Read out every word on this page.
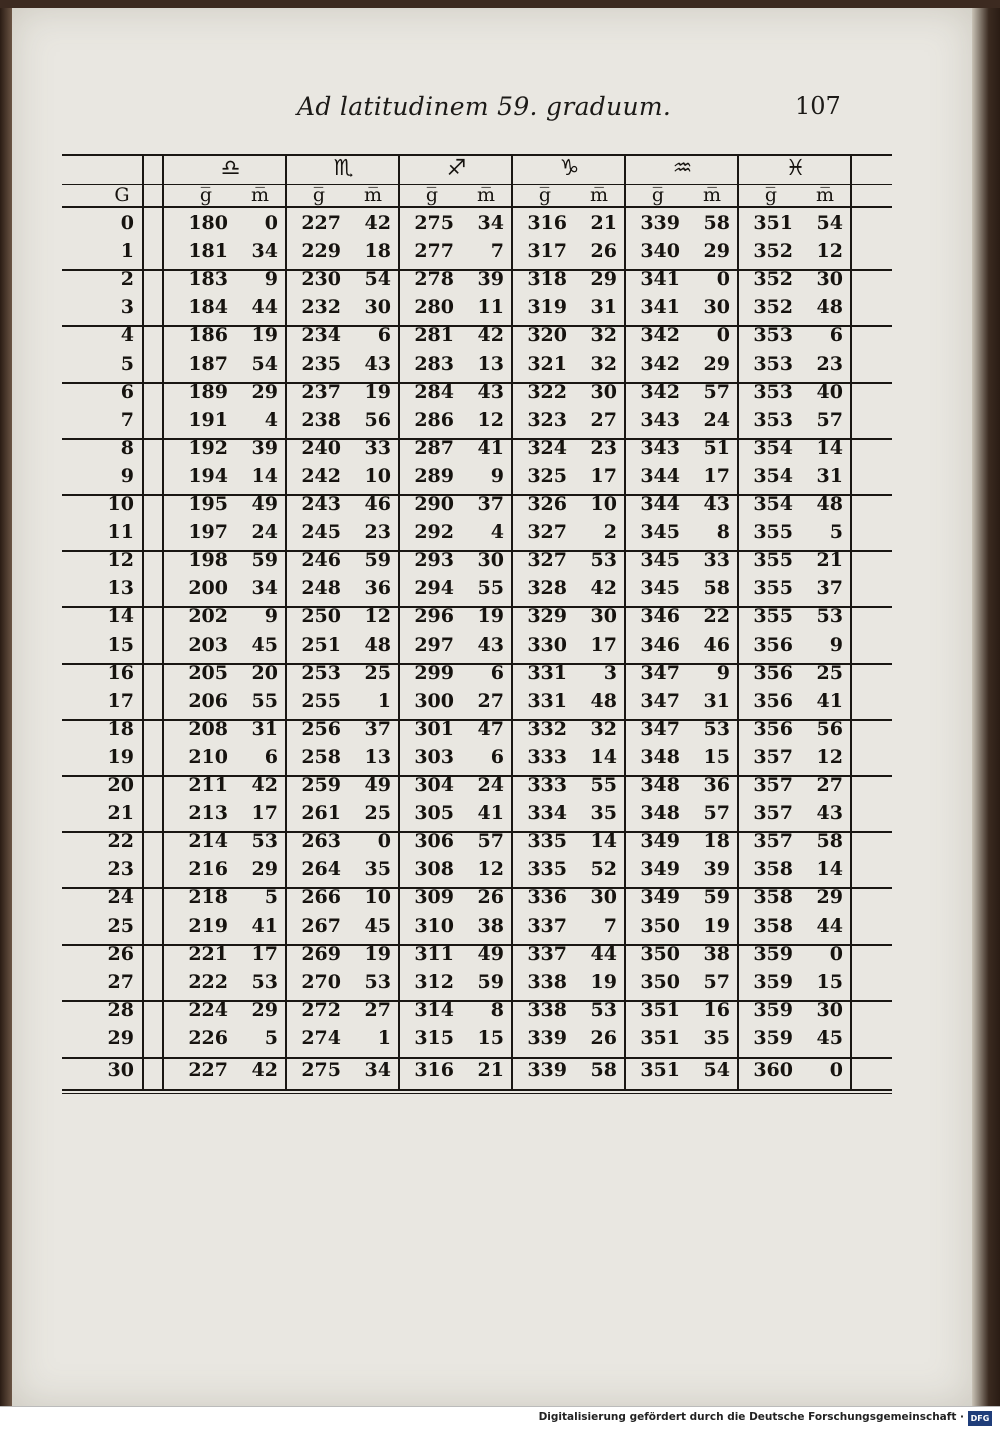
Ad latitudinem 59. graduum.	107
♎	♏	♐	♑	♒	♓
G	g̅	m̅	g̅	m̅	g̅	m̅	g̅	m̅	g̅	m̅	g̅	m̅
0	180	0	227	42	275	34	316	21	339	58	351	54
1	181	34	229	18	277	7	317	26	340	29	352	12
2	183	9	230	54	278	39	318	29	341	0	352	30
3	184	44	232	30	280	11	319	31	341	30	352	48
4	186	19	234	6	281	42	320	32	342	0	353	6
5	187	54	235	43	283	13	321	32	342	29	353	23
6	189	29	237	19	284	43	322	30	342	57	353	40
7	191	4	238	56	286	12	323	27	343	24	353	57
8	192	39	240	33	287	41	324	23	343	51	354	14
9	194	14	242	10	289	9	325	17	344	17	354	31
10	195	49	243	46	290	37	326	10	344	43	354	48
11	197	24	245	23	292	4	327	2	345	8	355	5
12	198	59	246	59	293	30	327	53	345	33	355	21
13	200	34	248	36	294	55	328	42	345	58	355	37
14	202	9	250	12	296	19	329	30	346	22	355	53
15	203	45	251	48	297	43	330	17	346	46	356	9
16	205	20	253	25	299	6	331	3	347	9	356	25
17	206	55	255	1	300	27	331	48	347	31	356	41
18	208	31	256	37	301	47	332	32	347	53	356	56
19	210	6	258	13	303	6	333	14	348	15	357	12
20	211	42	259	49	304	24	333	55	348	36	357	27
21	213	17	261	25	305	41	334	35	348	57	357	43
22	214	53	263	0	306	57	335	14	349	18	357	58
23	216	29	264	35	308	12	335	52	349	39	358	14
24	218	5	266	10	309	26	336	30	349	59	358	29
25	219	41	267	45	310	38	337	7	350	19	358	44
26	221	17	269	19	311	49	337	44	350	38	359	0
27	222	53	270	53	312	59	338	19	350	57	359	15
28	224	29	272	27	314	8	338	53	351	16	359	30
29	226	5	274	1	315	15	339	26	351	35	359	45
30	227	42	275	34	316	21	339	58	351	54	360	0
Digitalisierung gefördert durch die Deutsche Forschungsgemeinschaft · DFG
